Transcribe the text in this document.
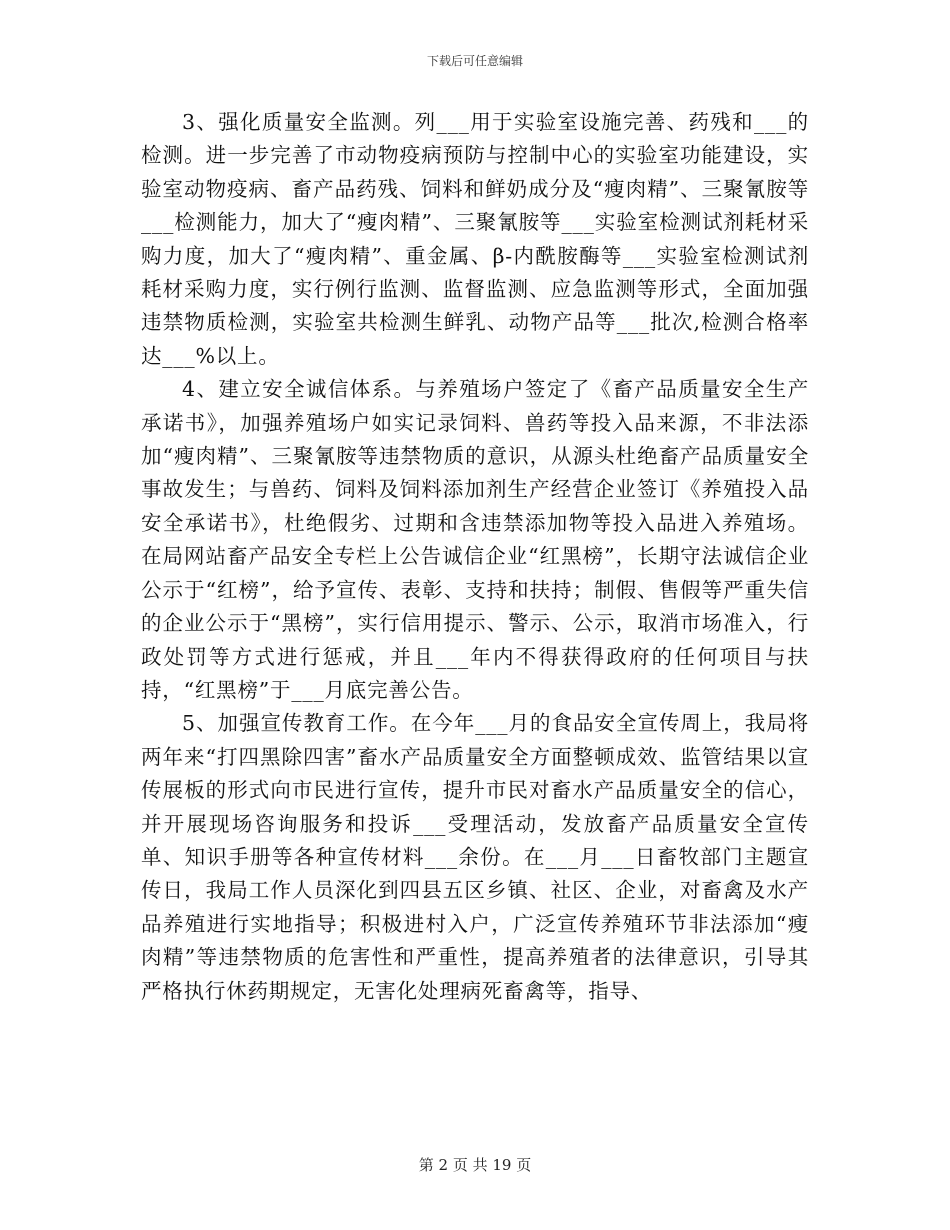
下载后可任意编辑

3、强化质量安全监测。列___用于实验室设施完善、药残和___的检测。进一步完善了市动物疫病预防与控制中心的实验室功能建设，实验室动物疫病、畜产品药残、饲料和鲜奶成分及“瘦肉精”、三聚氰胺等___检测能力，加大了“瘦肉精”、三聚氰胺等___实验室检测试剂耗材采购力度，加大了“瘦肉精”、重金属、β-内酰胺酶等___实验室检测试剂耗材采购力度，实行例行监测、监督监测、应急监测等形式，全面加强违禁物质检测，实验室共检测生鲜乳、动物产品等___批次,检测合格率达___%以上。

4、建立安全诚信体系。与养殖场户签定了《畜产品质量安全生产承诺书》，加强养殖场户如实记录饲料、兽药等投入品来源，不非法添加“瘦肉精”、三聚氰胺等违禁物质的意识，从源头杜绝畜产品质量安全事故发生；与兽药、饲料及饲料添加剂生产经营企业签订《养殖投入品安全承诺书》，杜绝假劣、过期和含违禁添加物等投入品进入养殖场。在局网站畜产品安全专栏上公告诚信企业“红黑榜”，长期守法诚信企业公示于“红榜”，给予宣传、表彰、支持和扶持；制假、售假等严重失信的企业公示于“黑榜”，实行信用提示、警示、公示，取消市场准入，行政处罚等方式进行惩戒，并且___年内不得获得政府的任何项目与扶持，“红黑榜”于___月底完善公告。

5、加强宣传教育工作。在今年___月的食品安全宣传周上，我局将两年来“打四黑除四害”畜水产品质量安全方面整顿成效、监管结果以宣传展板的形式向市民进行宣传，提升市民对畜水产品质量安全的信心，并开展现场咨询服务和投诉___受理活动，发放畜产品质量安全宣传单、知识手册等各种宣传材料___余份。在___月___日畜牧部门主题宣传日，我局工作人员深化到四县五区乡镇、社区、企业，对畜禽及水产品养殖进行实地指导；积极进村入户，广泛宣传养殖环节非法添加“瘦肉精”等违禁物质的危害性和严重性，提高养殖者的法律意识，引导其严格执行休药期规定，无害化处理病死畜禽等，指导、

第 2 页 共 19 页
